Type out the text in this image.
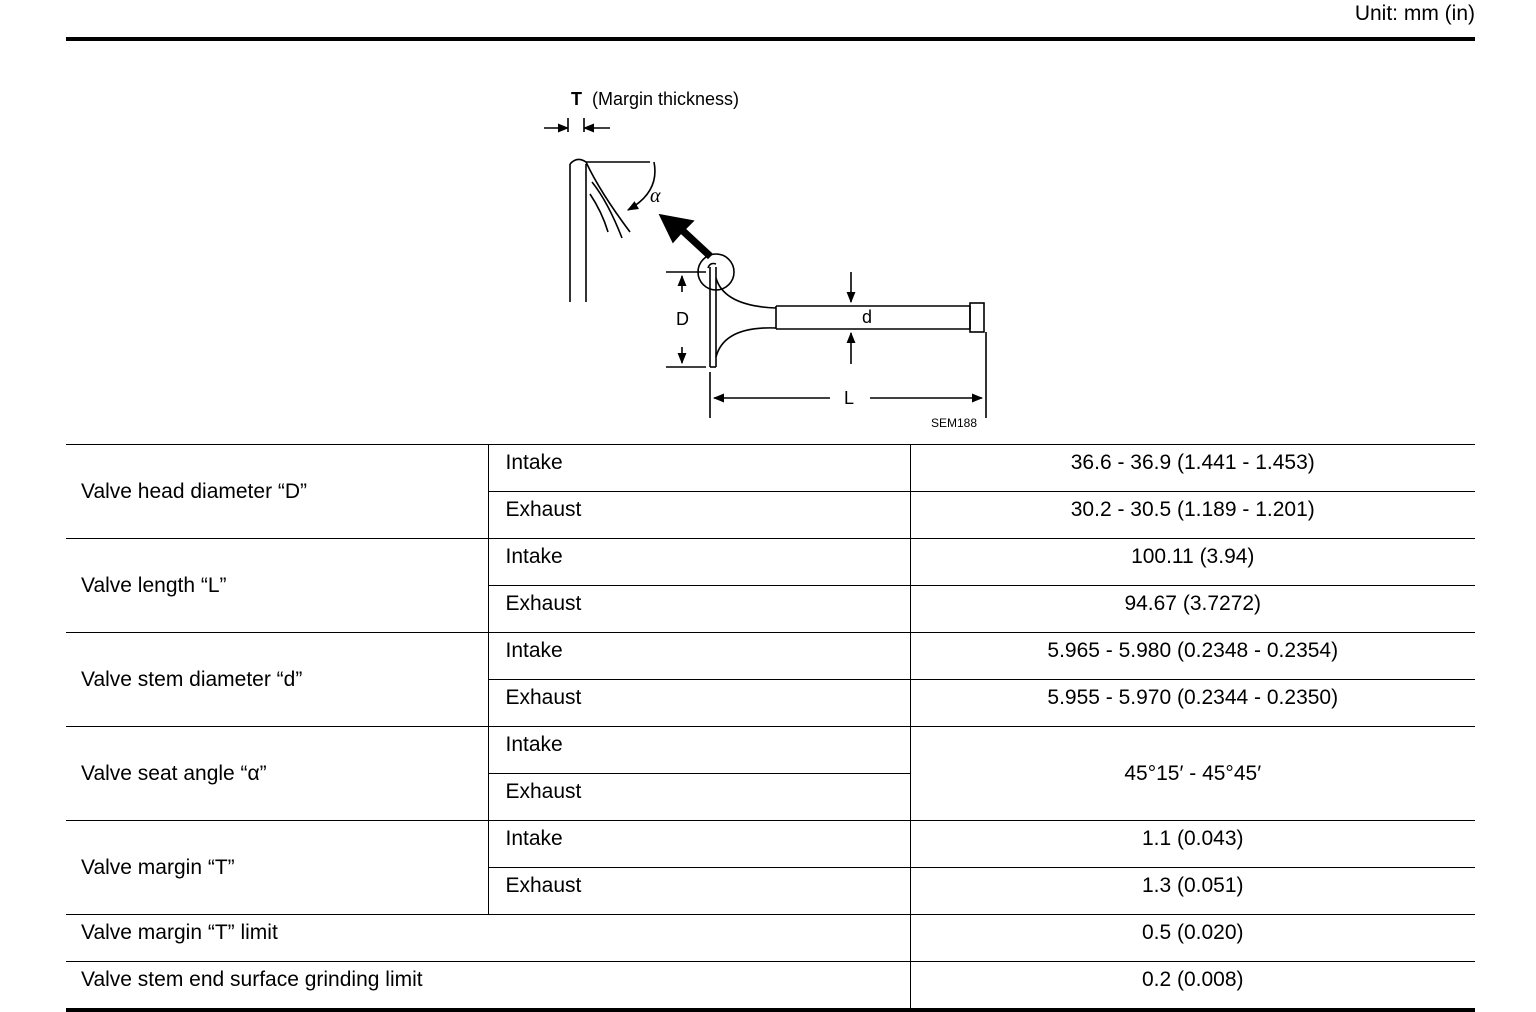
Unit: mm (in)
T (Margin thickness)
α
D	d
L
SEM188
Valve head diameter “D”	Intake	36.6 - 36.9 (1.441 - 1.453)
	Exhaust	30.2 - 30.5 (1.189 - 1.201)
Valve length “L”	Intake	100.11 (3.94)
	Exhaust	94.67 (3.7272)
Valve stem diameter “d”	Intake	5.965 - 5.980 (0.2348 - 0.2354)
	Exhaust	5.955 - 5.970 (0.2344 - 0.2350)
Valve seat angle “α”	Intake	45°15′ - 45°45′
	Exhaust	
Valve margin “T”	Intake	1.1 (0.043)
	Exhaust	1.3 (0.051)
Valve margin “T” limit		0.5 (0.020)
Valve stem end surface grinding limit		0.2 (0.008)
